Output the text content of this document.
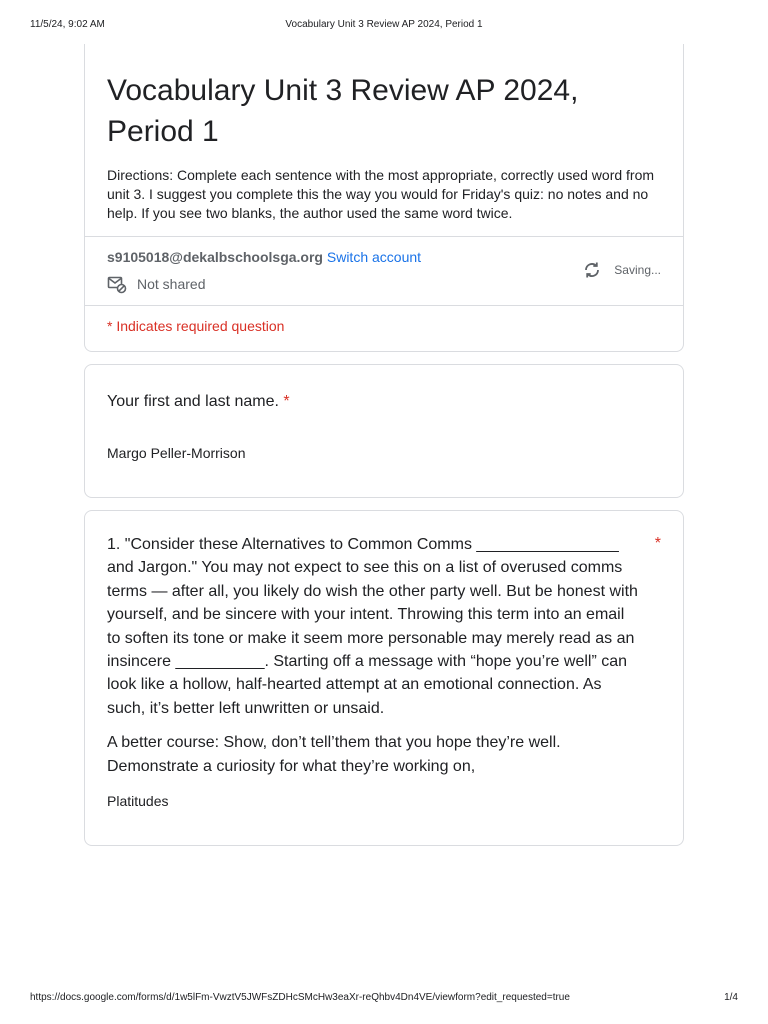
11/5/24, 9:02 AM	Vocabulary Unit 3 Review AP 2024, Period 1
Vocabulary Unit 3 Review AP 2024, Period 1
Directions: Complete each sentence with the most appropriate, correctly used word from unit 3. I suggest you complete this the way you would for Friday's quiz: no notes and no help. If you see two blanks, the author used the same word twice.
s9105018@dekalbschoolsga.org Switch account
Not shared
Saving...
* Indicates required question
Your first and last name. *
Margo Peller-Morrison

1. "Consider these Alternatives to Common Comms ________________ and Jargon." You may not expect to see this on a list of overused comms terms — after all, you likely do wish the other party well. But be honest with yourself, and be sincere with your intent. Throwing this term into an email to soften its tone or make it seem more personable may merely read as an insincere __________. Starting off a message with “hope you’re well” can look like a hollow, half-hearted attempt at an emotional connection. As such, it’s better left unwritten or unsaid.

A better course: Show, don’t tell’them that you hope they’re well. Demonstrate a curiosity for what they’re working on,

*
Platitudes
https://docs.google.com/forms/d/1w5lFm-VwztV5JWFsZDHcSMcHw3eaXr-reQhbv4Dn4VE/viewform?edit_requested=true	1/4
